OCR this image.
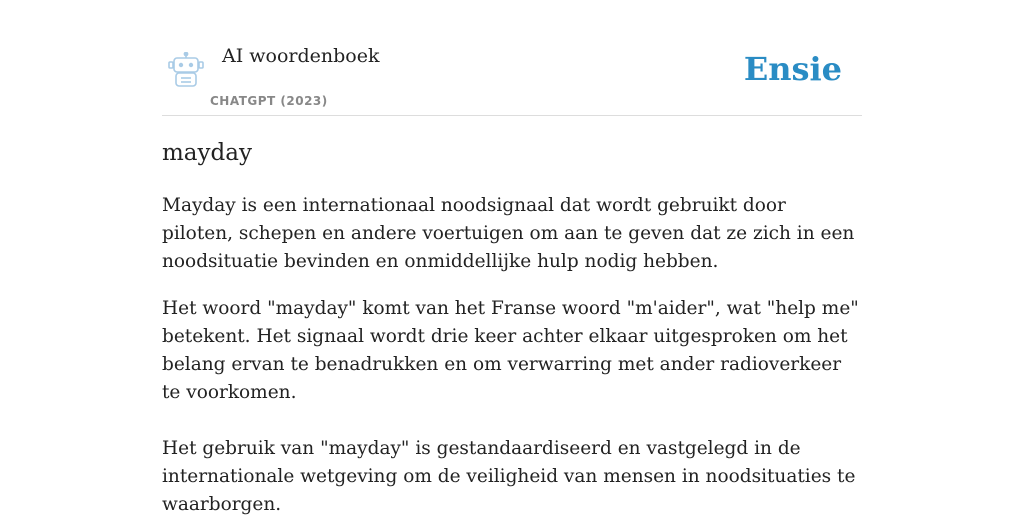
AI woordenboek
CHATGPT (2023)
Ensie
mayday

Mayday is een internationaal noodsignaal dat wordt gebruikt door piloten, schepen en andere voertuigen om aan te geven dat ze zich in een noodsituatie bevinden en onmiddellijke hulp nodig hebben.

Het woord "mayday" komt van het Franse woord "m'aider", wat "help me" betekent. Het signaal wordt drie keer achter elkaar uitgesproken om het belang ervan te benadrukken en om verwarring met ander radioverkeer te voorkomen.

Het gebruik van "mayday" is gestandaardiseerd en vastgelegd in de internationale wetgeving om de veiligheid van mensen in noodsituaties te waarborgen.
